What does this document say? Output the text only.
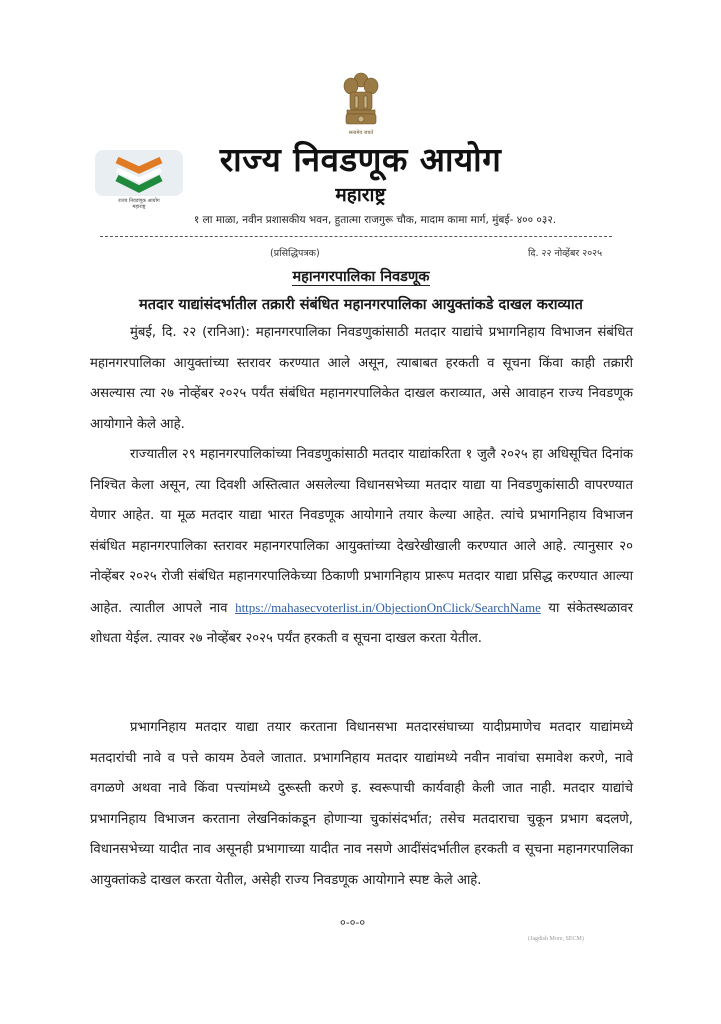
सत्यमेव जयते
राज्य निवडणूक आयोग
महाराष्ट्र
राज्य निवडणूक आयोग
महाराष्ट्र
१ ला माळा, नवीन प्रशासकीय भवन, हुतात्मा राजगुरू चौक, मादाम कामा मार्ग, मुंबई- ४०० ०३२.
(प्रसिद्धिपत्रक)	दि. २२ नोव्हेंबर २०२५
महानगरपालिका निवडणूक
मतदार याद्यांसंदर्भातील तक्रारी संबंधित महानगरपालिका आयुक्तांकडे दाखल कराव्यात
मुंबई, दि. २२ (रानिआ): महानगरपालिका निवडणुकांसाठी मतदार याद्यांचे प्रभागनिहाय विभाजन संबंधित महानगरपालिका आयुक्तांच्या स्तरावर करण्यात आले असून, त्याबाबत हरकती व सूचना किंवा काही तक्रारी असल्यास त्या २७ नोव्हेंबर २०२५ पर्यंत संबंधित महानगरपालिकेत दाखल कराव्यात, असे आवाहन राज्य निवडणूक आयोगाने केले आहे.
राज्यातील २९ महानगरपालिकांच्या निवडणुकांसाठी मतदार याद्यांकरिता १ जुलै २०२५ हा अधिसूचित दिनांक निश्चित केला असून, त्या दिवशी अस्तित्वात असलेल्या विधानसभेच्या मतदार याद्या या निवडणुकांसाठी वापरण्यात येणार आहेत. या मूळ मतदार याद्या भारत निवडणूक आयोगाने तयार केल्या आहेत. त्यांचे प्रभागनिहाय विभाजन संबंधित महानगरपालिका स्तरावर महानगरपालिका आयुक्तांच्या देखरेखीखाली करण्यात आले आहे. त्यानुसार २० नोव्हेंबर २०२५ रोजी संबंधित महानगरपालिकेच्या ठिकाणी प्रभागनिहाय प्रारूप मतदार याद्या प्रसिद्ध करण्यात आल्या आहेत. त्यातील आपले नाव https://mahasecvoterlist.in/ObjectionOnClick/SearchName या संकेतस्थळावर शोधता येईल. त्यावर २७ नोव्हेंबर २०२५ पर्यंत हरकती व सूचना दाखल करता येतील.
प्रभागनिहाय मतदार याद्या तयार करताना विधानसभा मतदारसंघाच्या यादीप्रमाणेच मतदार याद्यांमध्ये मतदारांची नावे व पत्ते कायम ठेवले जातात. प्रभागनिहाय मतदार याद्यांमध्ये नवीन नावांचा समावेश करणे, नावे वगळणे अथवा नावे किंवा पत्त्यांमध्ये दुरूस्ती करणे इ. स्वरूपाची कार्यवाही केली जात नाही. मतदार याद्यांचे प्रभागनिहाय विभाजन करताना लेखनिकांकडून होणाऱ्या चुकांसंदर्भात; तसेच मतदाराचा चुकून प्रभाग बदलणे, विधानसभेच्या यादीत नाव असूनही प्रभागाच्या यादीत नाव नसणे आदींसंदर्भातील हरकती व सूचना महानगरपालिका आयुक्तांकडे दाखल करता येतील, असेही राज्य निवडणूक आयोगाने स्पष्ट केले आहे.
०-०-०
(Jagdish More, SECM)
